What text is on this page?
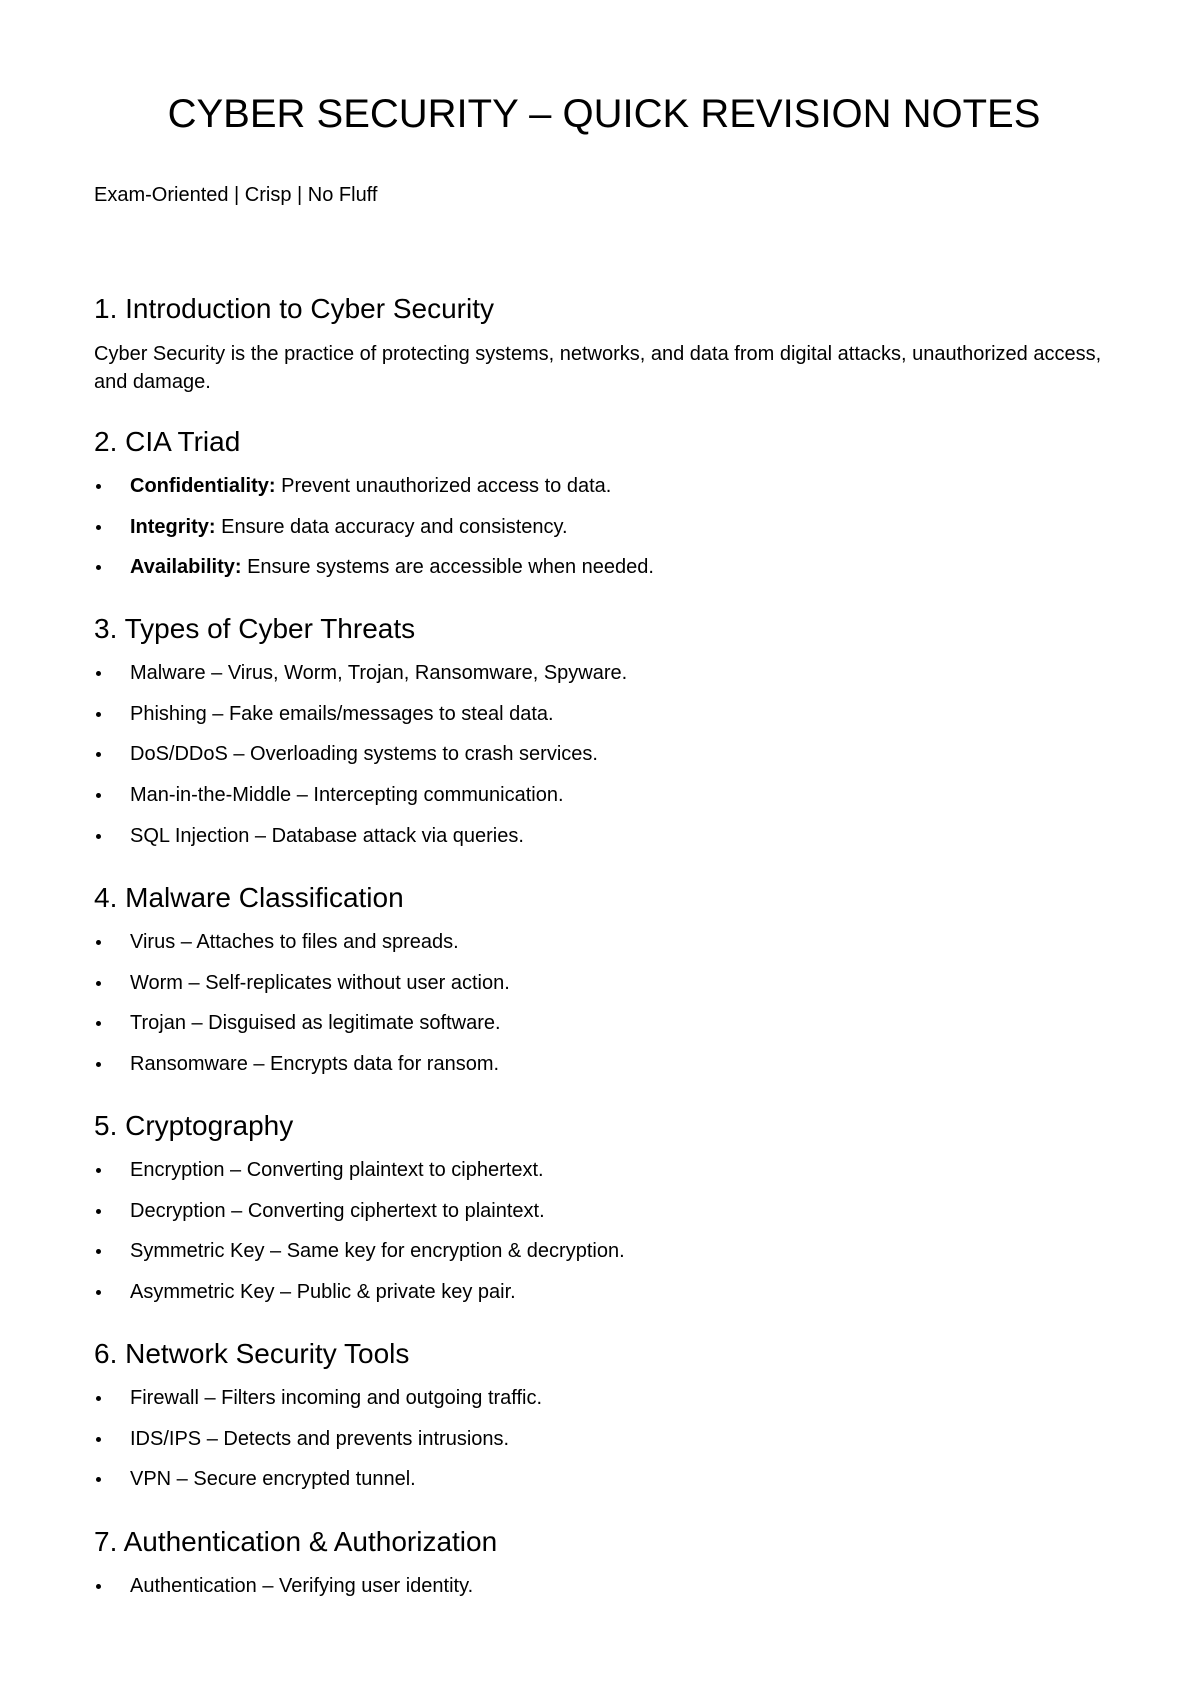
CYBER SECURITY – QUICK REVISION NOTES

Exam-Oriented | Crisp | No Fluff

1. Introduction to Cyber Security

Cyber Security is the practice of protecting systems, networks, and data from digital attacks, unauthorized access, and damage.

2. CIA Triad
Confidentiality: Prevent unauthorized access to data.
Integrity: Ensure data accuracy and consistency.
Availability: Ensure systems are accessible when needed.
3. Types of Cyber Threats
Malware – Virus, Worm, Trojan, Ransomware, Spyware.
Phishing – Fake emails/messages to steal data.
DoS/DDoS – Overloading systems to crash services.
Man-in-the-Middle – Intercepting communication.
SQL Injection – Database attack via queries.
4. Malware Classification
Virus – Attaches to files and spreads.
Worm – Self-replicates without user action.
Trojan – Disguised as legitimate software.
Ransomware – Encrypts data for ransom.
5. Cryptography
Encryption – Converting plaintext to ciphertext.
Decryption – Converting ciphertext to plaintext.
Symmetric Key – Same key for encryption & decryption.
Asymmetric Key – Public & private key pair.
6. Network Security Tools
Firewall – Filters incoming and outgoing traffic.
IDS/IPS – Detects and prevents intrusions.
VPN – Secure encrypted tunnel.
7. Authentication & Authorization
Authentication – Verifying user identity.
